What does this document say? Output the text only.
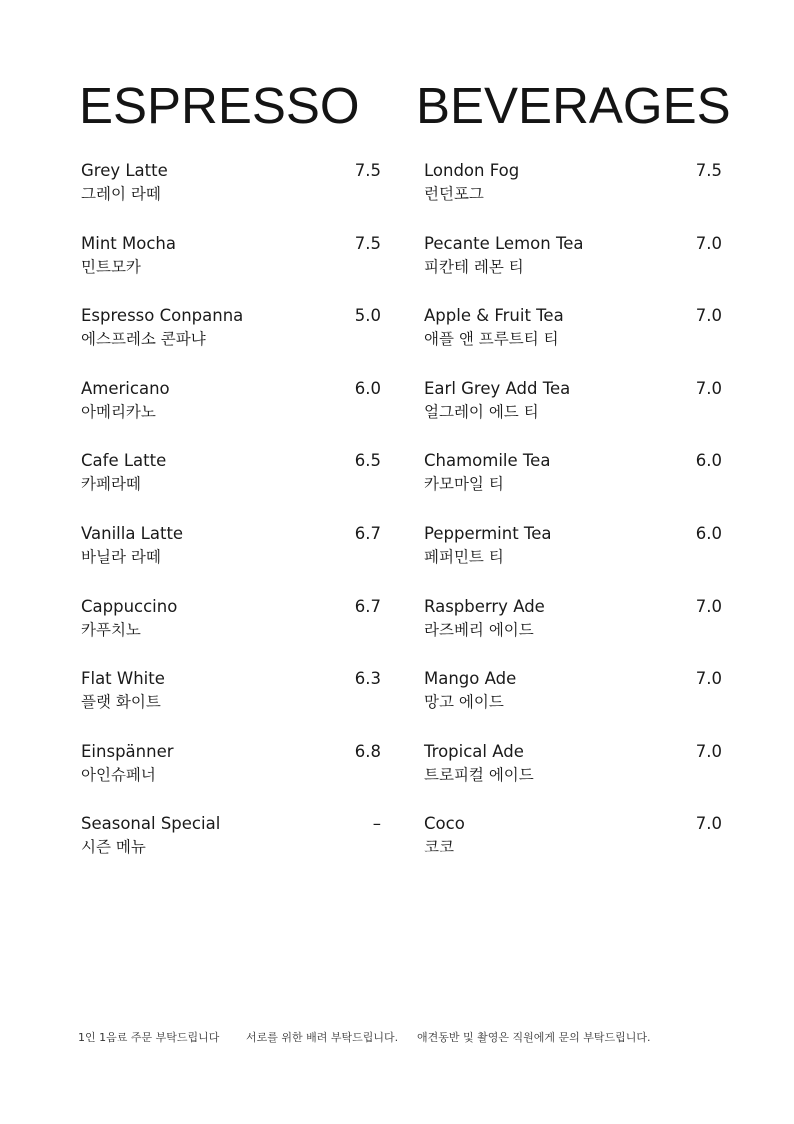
ESPRESSO BEVERAGES
Grey Latte
그레이 라떼
7.5
Mint Mocha
민트모카
7.5
Espresso Conpanna
에스프레소 콘파냐
5.0
Americano
아메리카노
6.0
Cafe Latte
카페라떼
6.5
Vanilla Latte
바닐라 라떼
6.7
Cappuccino
카푸치노
6.7
Flat White
플랫 화이트
6.3
Einspänner
아인슈페너
6.8
Seasonal Special
시즌 메뉴
–
London Fog
런던포그
7.5
Pecante Lemon Tea
피칸테 레몬 티
7.0
Apple & Fruit Tea
애플 앤 프루트티 티
7.0
Earl Grey Add Tea
얼그레이 에드 티
7.0
Chamomile Tea
카모마일 티
6.0
Peppermint Tea
페퍼민트 티
6.0
Raspberry Ade
라즈베리 에이드
7.0
Mango Ade
망고 에이드
7.0
Tropical Ade
트로피컬 에이드
7.0
Coco
코코
7.0
1인 1음료 주문 부탁드립니다 서로를 위한 배려 부탁드립니다. 애견동반 및 촬영은 직원에게 문의 부탁드립니다.
